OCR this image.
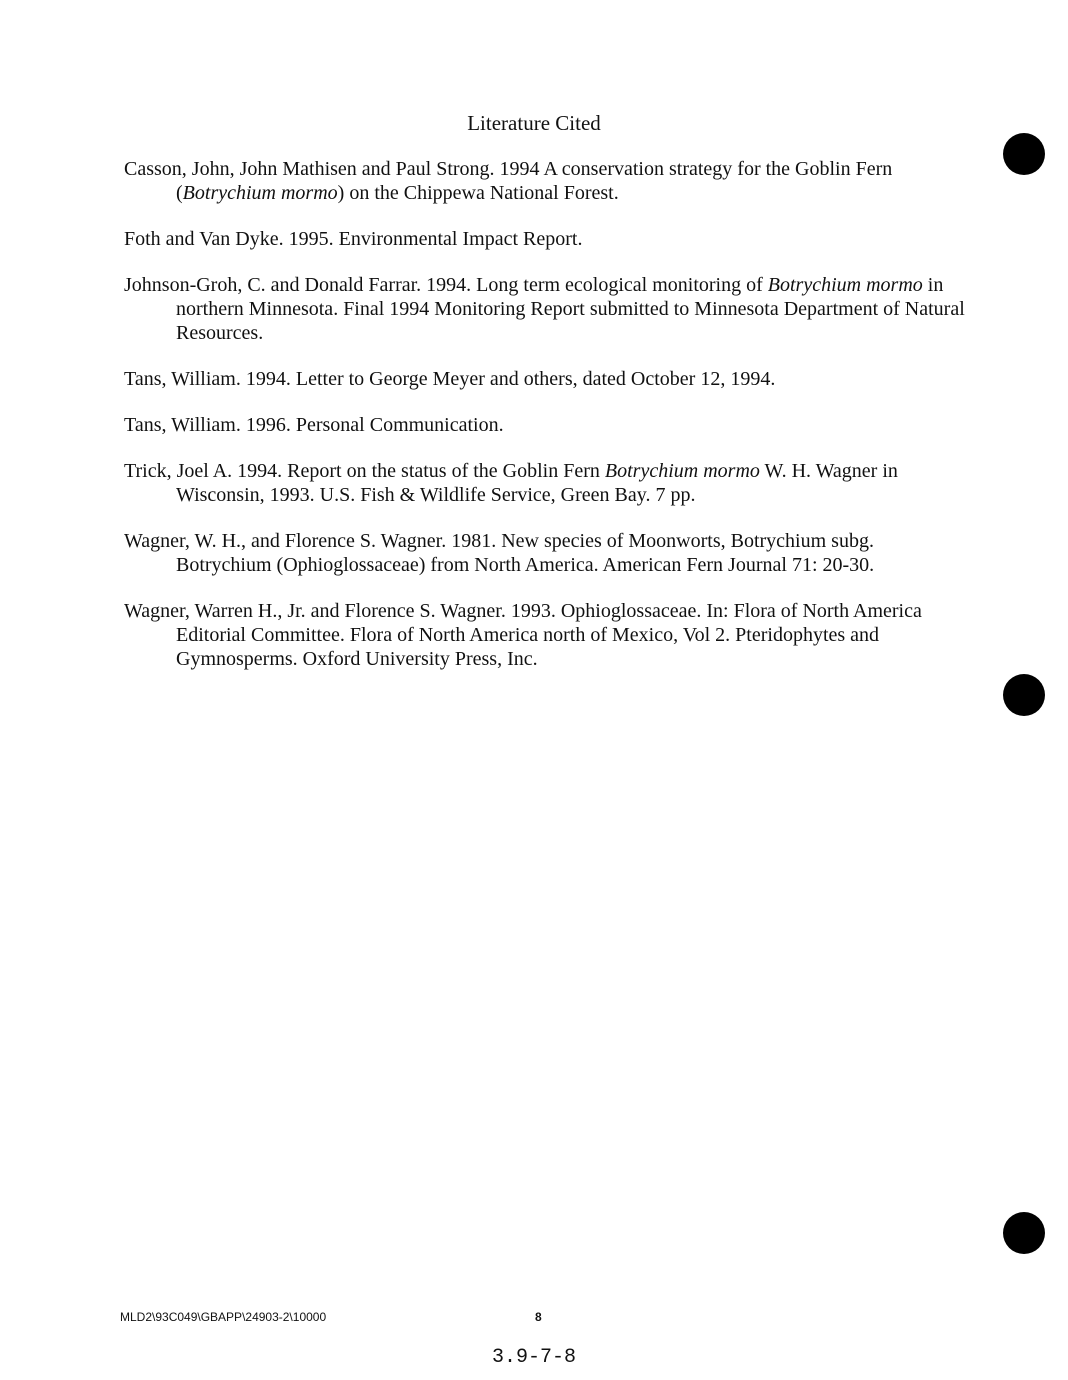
Literature Cited

Casson, John, John Mathisen and Paul Strong. 1994 A conservation strategy for the Goblin Fern (Botrychium mormo) on the Chippewa National Forest.

Foth and Van Dyke. 1995. Environmental Impact Report.

Johnson-Groh, C. and Donald Farrar. 1994. Long term ecological monitoring of Botrychium mormo in northern Minnesota. Final 1994 Monitoring Report submitted to Minnesota Department of Natural Resources.

Tans, William. 1994. Letter to George Meyer and others, dated October 12, 1994.

Tans, William. 1996. Personal Communication.

Trick, Joel A. 1994. Report on the status of the Goblin Fern Botrychium mormo W. H. Wagner in Wisconsin, 1993. U.S. Fish & Wildlife Service, Green Bay. 7 pp.

Wagner, W. H., and Florence S. Wagner. 1981. New species of Moonworts, Botrychium subg. Botrychium (Ophioglossaceae) from North America. American Fern Journal 71: 20-30.

Wagner, Warren H., Jr. and Florence S. Wagner. 1993. Ophioglossaceae. In: Flora of North America Editorial Committee. Flora of North America north of Mexico, Vol 2. Pteridophytes and Gymnosperms. Oxford University Press, Inc.

MLD2\93C049\GBAPP\24903-2\10000	8
3.9-7-8
